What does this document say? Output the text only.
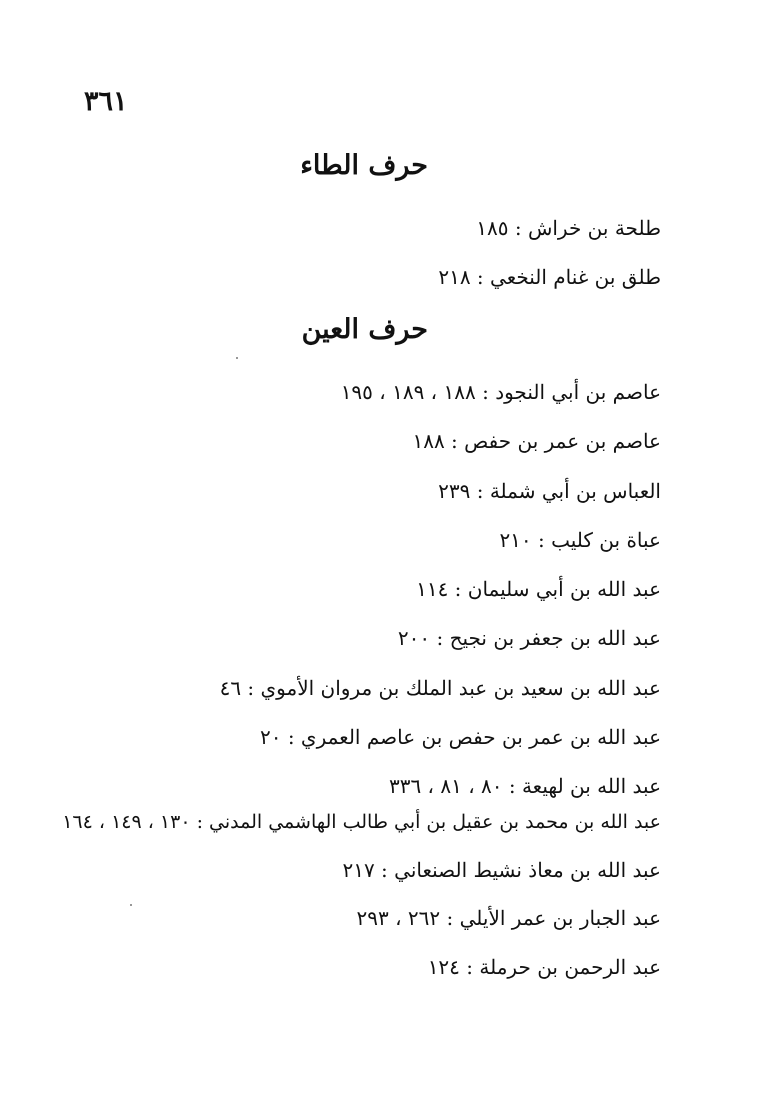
٣٦١
حرف الطاء
طلحة بن خراش : ١٨٥
طلق بن غنام النخعي : ٢١٨
حرف العين
عاصم بن أبي النجود : ١٨٨ ، ١٨٩ ، ١٩٥
عاصم بن عمر بن حفص : ١٨٨
العباس بن أبي شملة : ٢٣٩
عباة بن كليب : ٢١٠
عبد الله بن أبي سليمان : ١١٤
عبد الله بن جعفر بن نجيح : ٢٠٠
عبد الله بن سعيد بن عبد الملك بن مروان الأموي : ٤٦
عبد الله بن عمر بن حفص بن عاصم العمري : ٢٠
عبد الله بن لهيعة : ٨٠ ، ٨١ ، ٣٣٦
عبد الله بن محمد بن عقيل بن أبي طالب الهاشمي المدني : ١٣٠ ، ١٤٩ ، ١٦٤
عبد الله بن معاذ نشيط الصنعاني : ٢١٧
عبد الجبار بن عمر الأيلي : ٢٦٢ ، ٢٩٣
عبد الرحمن بن حرملة : ١٢٤
